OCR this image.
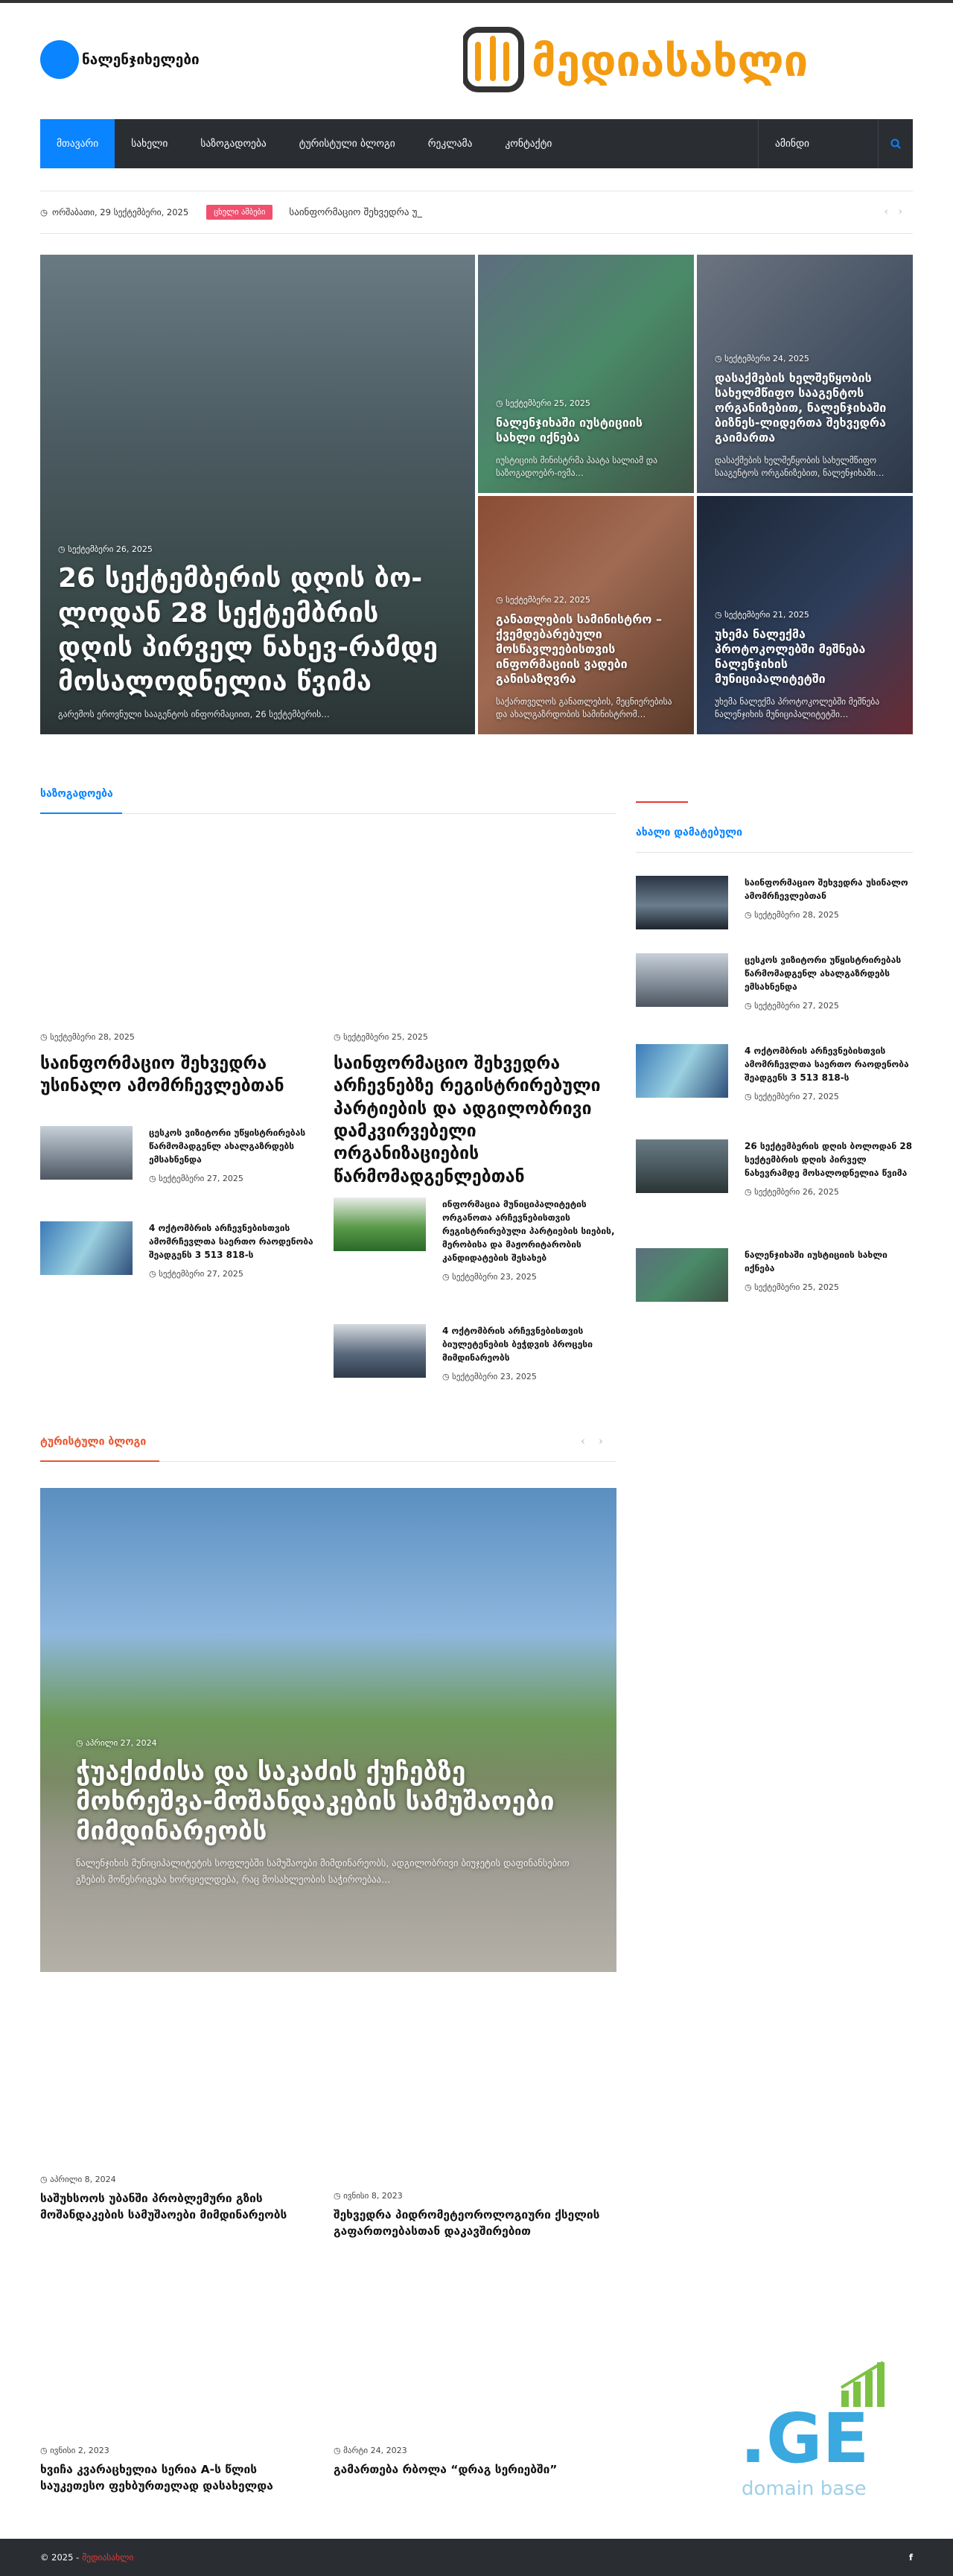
ნალენჯიხელები	მედიასახლი
მთავარი	სახელი	საზოგადოება	ტურისტული ბლოგი	რეკლამა	კონტაქტი	ამინდი
◷ ორშაბათი, 29 სექტემბერი, 2025	ცხელი ამბები	საინფორმაციო შეხვედრა უ_	‹›
◷ სექტემბერი 26, 2025
26 სექტემბერის დღის ბო-ლოდან 28 სექტემბრის დღის პირველ ნახევ-რამდე მოსალოდნელია წვიმა
გარემოს ეროვნული სააგენტოს ინფორმაციით, 26 სექტემბერის…
◷ სექტემბერი 25, 2025
ნალენჯიხაში იუსტიციის სახლი იქნება
იუსტიციის მინისტრმა პაატა სალიამ და საზოგადოებრ-ივმა…
◷ სექტემბერი 24, 2025
დასაქმების ხელშეწყობის სახელმწიფო სააგენტოს ორგანიზებით, ნალენჯიხაში ბიზნეს-ლიდერთა შეხვედრა გაიმართა
დასაქმების ხელშეწყობის სახელმწიფო სააგენტოს ორგანიზებით, ნალენჯიხაში…
◷ სექტემბერი 22, 2025
განათლების სამინისტრო – ქვემდებარებული მოსწავლეებისთვის ინფორმაციის ვადები განისაზღვრა
საქართველოს განათლების, მეცნიერებისა და ახალგაზრდობის სამინისტრომ…
◷ სექტემბერი 21, 2025
უხემა ნალექმა პროტოკოლებში მეშნება ნალენჯიხის მუნიციპალიტეტში
უხემა ნალექმა პროტოკოლებში მეშნება ნალენჯიხის მუნიციპალიტეტში…
საზოგადოება
◷ სექტემბერი 28, 2025
საინფორმაციო შეხვედრა უსინალო ამომრჩევლებთან
ცესკოს ვიზიტორი უწყისტრირებას წარმომადგენლ ახალგაზრდებს ემსახნენდა
◷ სექტემბერი 27, 2025
4 ოქტომბრის არჩევნებისთვის ამომრჩევლთა საერთო რაოდენობა შეადგენს 3 513 818-ს
◷ სექტემბერი 27, 2025
◷ სექტემბერი 25, 2025
საინფორმაციო შეხვედრა არჩევნებზე რეგისტრირებული პარტიების და ადგილობრივი დამკვირვებელი ორგანიზაციების წარმომადგენლებთან
ინფორმაცია მუნიციპალიტეტის ორგანოთა არჩევნებისთვის რეგისტრირებული პარტიების სიების, მერობისა და მაჟორიტარობის კანდიდატების შესახებ
◷ სექტემბერი 23, 2025
4 ოქტომბრის არჩევნებისთვის ბიულეტენების ბეჭდვის პროცესი მიმდინარეობს
◷ სექტემბერი 23, 2025
ახალი დამატებული
საინფორმაციო შეხვედრა უსინალო ამომრჩევლებთან
◷ სექტემბერი 28, 2025
ცესკოს ვიზიტორი უწყისტრირებას წარმომადგენლ ახალგაზრდებს ემსახნენდა
◷ სექტემბერი 27, 2025
4 ოქტომბრის არჩევნებისთვის ამომრჩევლთა საერთო რაოდენობა შეადგენს 3 513 818-ს
◷ სექტემბერი 27, 2025
26 სექტემბერის დღის ბოლოდან 28 სექტემბრის დღის პირველ ნახევრამდე მოსალოდნელია წვიმა
◷ სექტემბერი 26, 2025
ნალენჯიხაში იუსტიციის სახლი იქნება
◷ სექტემბერი 25, 2025
ტურისტული ბლოგი	‹›
◷ აპრილი 27, 2024
ჭუაქიძისა და საკაძის ქუჩებზე მოხრეშვა-მოშანდაკების სამუშაოები მიმდინარეობს
ნალენჯიხის მუნიციპალიტეტის სოფლებში სამუშაოები მიმდინარეობს, ადგილობრივი ბიუჯეტის დაფინანსებით გზების მოწესრიგება ხორციელდება, რაც მოსახლეობის საჭიროებაა…
◷ აპრილი 8, 2024
საშუხსოოს უბანში პრობლემური გზის მოშანდაკების სამუშაოები მიმდინარეობს
◷ ივნისი 8, 2023
შეხვედრა პიდრომეტეოროლოგიური ქსელის გაფართოებასთან დაკავშირებით
◷ ივნისი 2, 2023
ხვიჩა კვარაცხელია სერია A-ს წლის საუკეთესო ფეხბურთელად დასახელდა
◷ მარტი 24, 2023
გამართება რბოლა “დრაგ სერიებში”	.GE
domain base
© 2025 - მედიასახლი	f
